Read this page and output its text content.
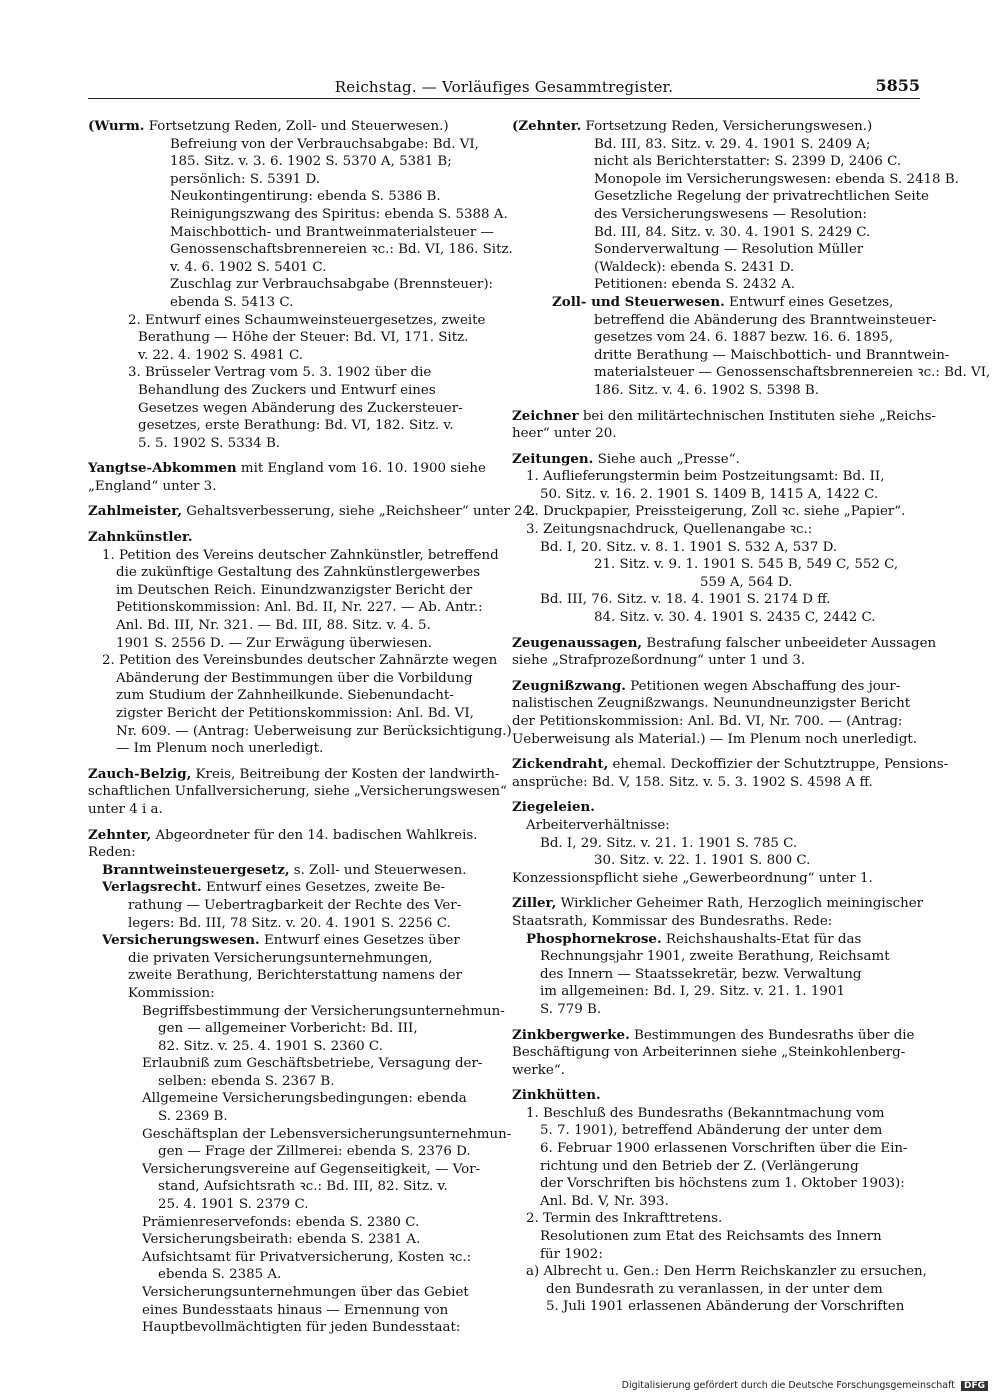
Reichstag. — Vorläufiges Gesammtregister.	5855
(Wurm. Fortsetzung Reden, Zoll- und Steuerwesen.)
Befreiung von der Verbrauchsabgabe: Bd. VI,
185. Sitz. v. 3. 6. 1902 S. 5370 A, 5381 B;
persönlich: S. 5391 D.
Neukontingentirung: ebenda S. 5386 B.
Reinigungszwang des Spiritus: ebenda S. 5388 A.
Maischbottich- und Brantweinmaterialsteuer —
Genossenschaftsbrennereien ꝛc.: Bd. VI, 186. Sitz.
v. 4. 6. 1902 S. 5401 C.
Zuschlag zur Verbrauchsabgabe (Brennsteuer):
ebenda S. 5413 C.
2. Entwurf eines Schaumweinsteuergesetzes, zweite
Berathung — Höhe der Steuer: Bd. VI, 171. Sitz.
v. 22. 4. 1902 S. 4981 C.
3. Brüsseler Vertrag vom 5. 3. 1902 über die
Behandlung des Zuckers und Entwurf eines
Gesetzes wegen Abänderung des Zuckersteuer-
gesetzes, erste Berathung: Bd. VI, 182. Sitz. v.
5. 5. 1902 S. 5334 B.
Yangtse-Abkommen mit England vom 16. 10. 1900 siehe
„England“ unter 3.
Zahlmeister, Gehaltsverbesserung, siehe „Reichsheer“ unter 24.
Zahnkünstler.
1. Petition des Vereins deutscher Zahnkünstler, betreffend
die zukünftige Gestaltung des Zahnkünstlergewerbes
im Deutschen Reich. Einundzwanzigster Bericht der
Petitionskommission: Anl. Bd. II, Nr. 227. — Ab. Antr.:
Anl. Bd. III, Nr. 321. — Bd. III, 88. Sitz. v. 4. 5.
1901 S. 2556 D. — Zur Erwägung überwiesen.
2. Petition des Vereinsbundes deutscher Zahnärzte wegen
Abänderung der Bestimmungen über die Vorbildung
zum Studium der Zahnheilkunde. Siebenundacht-
zigster Bericht der Petitionskommission: Anl. Bd. VI,
Nr. 609. — (Antrag: Ueberweisung zur Berücksichtigung.)
— Im Plenum noch unerledigt.
Zauch-Belzig, Kreis, Beitreibung der Kosten der landwirth-
schaftlichen Unfallversicherung, siehe „Versicherungswesen“
unter 4 i a.
Zehnter, Abgeordneter für den 14. badischen Wahlkreis.
Reden:
Branntweinsteuergesetz, s. Zoll- und Steuerwesen.
Verlagsrecht. Entwurf eines Gesetzes, zweite Be-
rathung — Uebertragbarkeit der Rechte des Ver-
legers: Bd. III, 78 Sitz. v. 20. 4. 1901 S. 2256 C.
Versicherungswesen. Entwurf eines Gesetzes über
die privaten Versicherungsunternehmungen,
zweite Berathung, Berichterstattung namens der
Kommission:
Begriffsbestimmung der Versicherungsunternehmun-
gen — allgemeiner Vorbericht: Bd. III,
82. Sitz. v. 25. 4. 1901 S. 2360 C.
Erlaubniß zum Geschäftsbetriebe, Versagung der-
selben: ebenda S. 2367 B.
Allgemeine Versicherungsbedingungen: ebenda
S. 2369 B.
Geschäftsplan der Lebensversicherungsunternehmun-
gen — Frage der Zillmerei: ebenda S. 2376 D.
Versicherungsvereine auf Gegenseitigkeit, — Vor-
stand, Aufsichtsrath ꝛc.: Bd. III, 82. Sitz. v.
25. 4. 1901 S. 2379 C.
Prämienreservefonds: ebenda S. 2380 C.
Versicherungsbeirath: ebenda S. 2381 A.
Aufsichtsamt für Privatversicherung, Kosten ꝛc.:
ebenda S. 2385 A.
Versicherungsunternehmungen über das Gebiet
eines Bundesstaats hinaus — Ernennung von
Hauptbevollmächtigten für jeden Bundesstaat:
(Zehnter. Fortsetzung Reden, Versicherungswesen.)
Bd. III, 83. Sitz. v. 29. 4. 1901 S. 2409 A;
nicht als Berichterstatter: S. 2399 D, 2406 C.
Monopole im Versicherungswesen: ebenda S. 2418 B.
Gesetzliche Regelung der privatrechtlichen Seite
des Versicherungswesens — Resolution:
Bd. III, 84. Sitz. v. 30. 4. 1901 S. 2429 C.
Sonderverwaltung — Resolution Müller
(Waldeck): ebenda S. 2431 D.
Petitionen: ebenda S. 2432 A.
Zoll- und Steuerwesen. Entwurf eines Gesetzes,
betreffend die Abänderung des Branntweinsteuer-
gesetzes vom 24. 6. 1887 bezw. 16. 6. 1895,
dritte Berathung — Maischbottich- und Branntwein-
materialsteuer — Genossenschaftsbrennereien ꝛc.: Bd. VI,
186. Sitz. v. 4. 6. 1902 S. 5398 B.
Zeichner bei den militärtechnischen Instituten siehe „Reichs-
heer“ unter 20.
Zeitungen. Siehe auch „Presse“.
1. Auflieferungstermin beim Postzeitungsamt: Bd. II,
50. Sitz. v. 16. 2. 1901 S. 1409 B, 1415 A, 1422 C.
2. Druckpapier, Preissteigerung, Zoll ꝛc. siehe „Papier“.
3. Zeitungsnachdruck, Quellenangabe ꝛc.:
Bd. I, 20. Sitz. v. 8. 1. 1901 S. 532 A, 537 D.
21. Sitz. v. 9. 1. 1901 S. 545 B, 549 C, 552 C,
559 A, 564 D.
Bd. III, 76. Sitz. v. 18. 4. 1901 S. 2174 D ff.
84. Sitz. v. 30. 4. 1901 S. 2435 C, 2442 C.
Zeugenaussagen, Bestrafung falscher unbeeideter Aussagen
siehe „Strafprozeßordnung“ unter 1 und 3.
Zeugnißzwang. Petitionen wegen Abschaffung des jour-
nalistischen Zeugnißzwangs. Neunundneunzigster Bericht
der Petitionskommission: Anl. Bd. VI, Nr. 700. — (Antrag:
Ueberweisung als Material.) — Im Plenum noch unerledigt.
Zickendraht, ehemal. Deckoffizier der Schutztruppe, Pensions-
ansprüche: Bd. V, 158. Sitz. v. 5. 3. 1902 S. 4598 A ff.
Ziegeleien.
Arbeiterverhältnisse:
Bd. I, 29. Sitz. v. 21. 1. 1901 S. 785 C.
30. Sitz. v. 22. 1. 1901 S. 800 C.
Konzessionspflicht siehe „Gewerbeordnung“ unter 1.
Ziller, Wirklicher Geheimer Rath, Herzoglich meiningischer
Staatsrath, Kommissar des Bundesraths. Rede:
Phosphornekrose. Reichshaushalts-Etat für das
Rechnungsjahr 1901, zweite Berathung, Reichsamt
des Innern — Staatssekretär, bezw. Verwaltung
im allgemeinen: Bd. I, 29. Sitz. v. 21. 1. 1901
S. 779 B.
Zinkbergwerke. Bestimmungen des Bundesraths über die
Beschäftigung von Arbeiterinnen siehe „Steinkohlenberg-
werke“.
Zinkhütten.
1. Beschluß des Bundesraths (Bekanntmachung vom
5. 7. 1901), betreffend Abänderung der unter dem
6. Februar 1900 erlassenen Vorschriften über die Ein-
richtung und den Betrieb der Z. (Verlängerung
der Vorschriften bis höchstens zum 1. Oktober 1903):
Anl. Bd. V, Nr. 393.
2. Termin des Inkrafttretens.
Resolutionen zum Etat des Reichsamts des Innern
für 1902:
a) Albrecht u. Gen.: Den Herrn Reichskanzler zu ersuchen,
den Bundesrath zu veranlassen, in der unter dem
5. Juli 1901 erlassenen Abänderung der Vorschriften
Digitalisierung gefördert durch die Deutsche Forschungsgemeinschaft DFG
